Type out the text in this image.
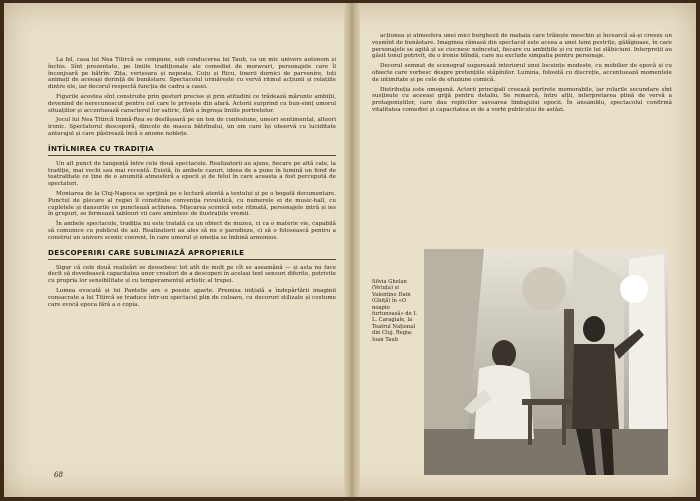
La fel, casa lui Nea Titircă se compune, sub conducerea lui Taub, ca un mic univers autonom și închis. Sînt prezentate, pe liniile tradiționale ale comediei de moravuri, personajele care îl înconjoară pe bătrîn: Zița, verișoara și nepoata, Cuțu și Ricu, tinerii dornici de parvenire, toți animați de aceeași dorință de bunăstare. Spectacolul urmărește cu vervă ritmul acțiunii și relațiile dintre ele, iar decorul respectă funcția de cadru a casei.

Figurile acestea sînt construite prin gesturi precise și prin atitudini ce trădează mărunte ambiții, devenind de nerecunoscut pentru cel care le privește din afară. Actorii surprind cu bun-simț umorul situațiilor și accentuează caracterul lor satiric, fără a îngroșa liniile portretelor.

Jocul lui Nea Titircă Inimă-Rea se desfășoară pe un ton de confesiune, uneori sentimental, alteori ironic. Spectatorul descoperă, dincolo de masca bătrînului, un om care își observă cu luciditate anturajul și care păstrează încă o anume noblețe.

ÎNTÎLNIREA CU TRADIȚIA

Un alt punct de tangență între cele două spectacole. Realizatorii au ajuns, fiecare pe altă cale, la tradiție, mai vechi sau mai recentă. Există, în ambele cazuri, ideea de a pune în lumină un fond de teatralitate ce ține de o anumită atmosferă a epocii și de felul în care aceasta a fost percepută de spectatori.

Montarea de la Cluj-Napoca se sprijină pe o lectură atentă a textului și pe o bogată documentare. Punctul de plecare al regiei îl constituie convenția revuistică, cu numerele ei de music-hall, cu cupletele și dansurile ce punctează acțiunea. Mișcarea scenică este ritmată, personajele intră și ies în grupuri, se formează tablouri vii care amintesc de ilustrațiile vremii.

În ambele spectacole, tradiția nu este tratată ca un obiect de muzeu, ci ca o materie vie, capabilă să comunice cu publicul de azi. Realizatorii au ales să nu o parodieze, ci să o folosească pentru a construi un univers scenic coerent, în care umorul și emoția se îmbină armonios.

DESCOPERIRI CARE SUBLINIAZĂ APROPIERILE

Sigur că cele două realizări se deosebesc tot atît de mult pe cît se aseamănă — și asta nu face decît să dovedească capacitatea unor creatori de a descoperi în același text sensuri diferite, potrivite cu propria lor sensibilitate și cu temperamentul artistic al trupei.

Lumea evocată și lui Pantelie are o poezie aparte. Premisa inițială a îndepărtării imaginii consacrate a lui Titircă se traduce într-un spectacol plin de culoare, cu decoruri stilizate și costume care evocă epoca fără a o copia.

68

acțiunea și atmosfera unei mici burghezii de mahala care trăiește meschin și încearcă să-și creeze un veșmînt de bunăstare. Imaginea rămasă din spectacol este aceea a unei lumi pestrițe, gălăgioase, în care personajele se agită și se ciocnesc neîncetat, fiecare cu ambițiile și cu micile lui slăbiciuni. Interpreții au găsit tonul potrivit, de o ironie blîndă, care nu exclude simpatia pentru personaje.

Decorul semnat de scenograf sugerează interiorul unei locuințe modeste, cu mobilier de epocă și cu obiecte care vorbesc despre pretențiile stăpînilor. Lumina, folosită cu discreție, accentuează momentele de intimitate și pe cele de efuziune comică.

Distribuția este omogenă. Actorii principali creează portrete memorabile, iar rolurile secundare sînt susținute cu aceeași grijă pentru detaliu. Se remarcă, între alții, interpretarea plină de vervă a protagoniștilor, care dau replicilor savoarea limbajului epocii. În ansamblu, spectacolul confirmă vitalitatea comediei și capacitatea ei de a vorbi publicului de astăzi.

Silvia Ghelan (Vetuța) și Valentino Dain (Ghiță) în «O noapte furtunoasă» de I. L. Caragiale, la Teatrul Național din Cluj. Regia: Ioan Taub
